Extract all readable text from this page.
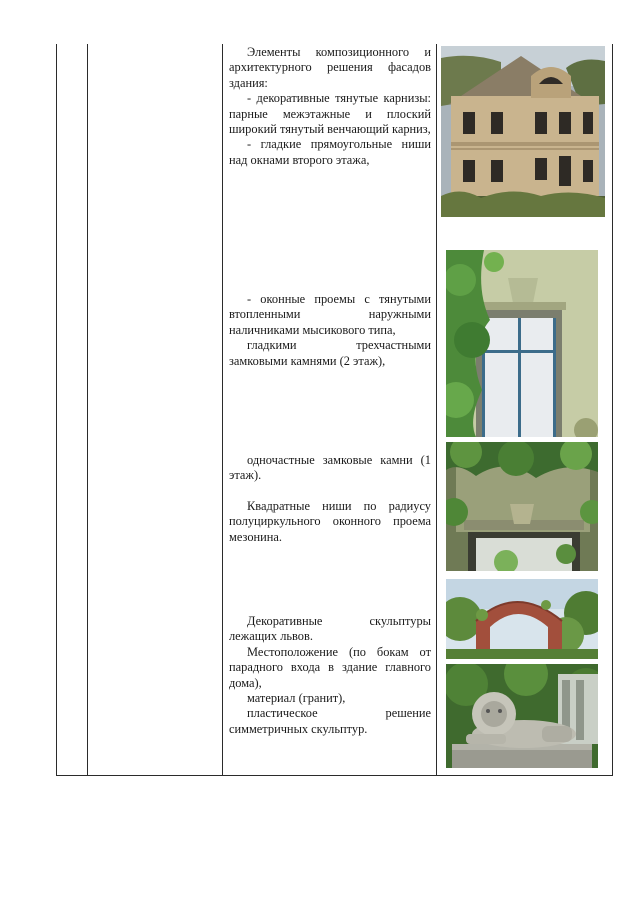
Элементы композиционного и архитектурного решения фасадов здания:

- декоративные тянутые карнизы: парные межэтажные и плоский широкий тянутый венчающий карниз,

- гладкие прямоугольные ниши над окнами второго этажа,

- оконные проемы с тянутыми втопленными наружными наличниками мысикового типа,

гладкими трехчастными замковыми камнями (2 этаж),

одночастные замковые камни (1 этаж).

Квадратные ниши по радиусу полуциркульного оконного проема мезонина.

Декоративные скульптуры лежащих львов.

Местоположение (по бокам от парадного входа в здание главного дома),

материал (гранит),

пластическое решение симметричных скульптур.
